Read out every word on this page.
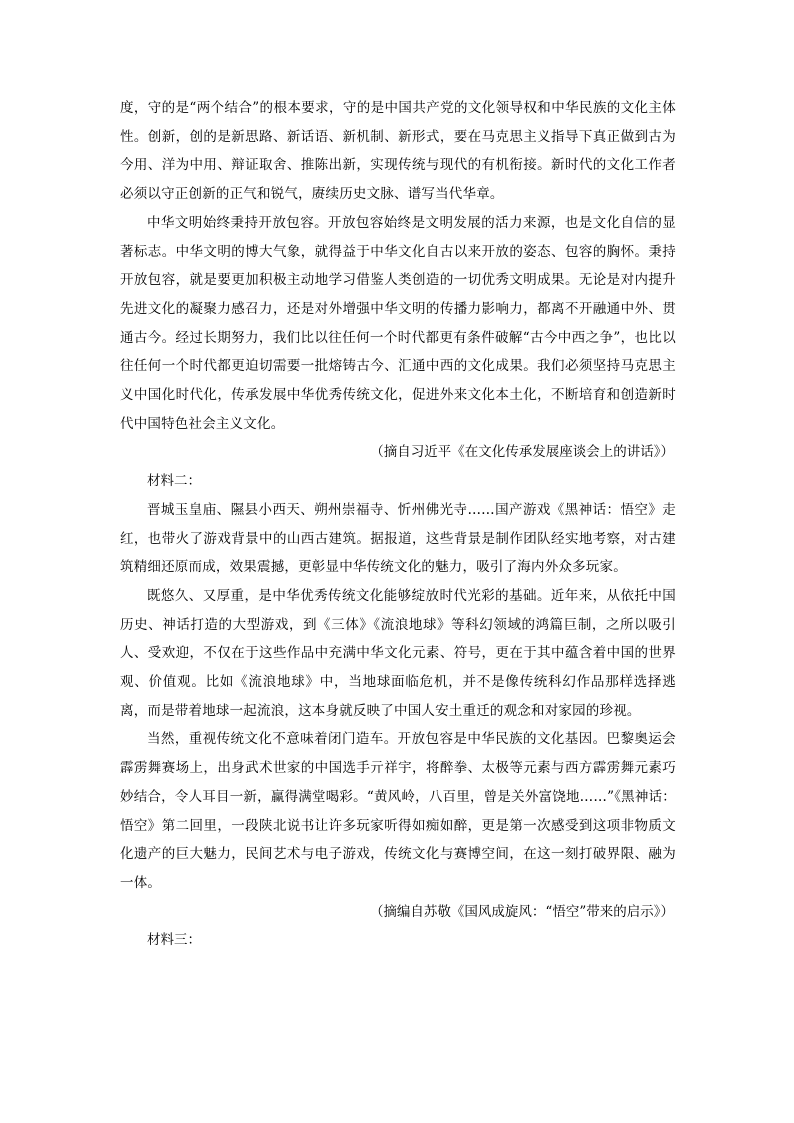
度，守的是“两个结合”的根本要求，守的是中国共产党的文化领导权和中华民族的文化主体性。创新，创的是新思路、新话语、新机制、新形式，要在马克思主义指导下真正做到古为今用、洋为中用、辩证取舍、推陈出新，实现传统与现代的有机衔接。新时代的文化工作者必须以守正创新的正气和锐气，赓续历史文脉、谱写当代华章。

中华文明始终秉持开放包容。开放包容始终是文明发展的活力来源，也是文化自信的显著标志。中华文明的博大气象，就得益于中华文化自古以来开放的姿态、包容的胸怀。秉持开放包容，就是要更加积极主动地学习借鉴人类创造的一切优秀文明成果。无论是对内提升先进文化的凝聚力感召力，还是对外增强中华文明的传播力影响力，都离不开融通中外、贯通古今。经过长期努力，我们比以往任何一个时代都更有条件破解“古今中西之争”，也比以往任何一个时代都更迫切需要一批熔铸古今、汇通中西的文化成果。我们必须坚持马克思主义中国化时代化，传承发展中华优秀传统文化，促进外来文化本土化，不断培育和创造新时代中国特色社会主义文化。

（摘自习近平《在文化传承发展座谈会上的讲话》）

材料二：

晋城玉皇庙、隰县小西天、朔州崇福寺、忻州佛光寺……国产游戏《黑神话：悟空》走红，也带火了游戏背景中的山西古建筑。据报道，这些背景是制作团队经实地考察，对古建筑精细还原而成，效果震撼，更彰显中华传统文化的魅力，吸引了海内外众多玩家。

既悠久、又厚重，是中华优秀传统文化能够绽放时代光彩的基础。近年来，从依托中国历史、神话打造的大型游戏，到《三体》《流浪地球》等科幻领域的鸿篇巨制，之所以吸引人、受欢迎，不仅在于这些作品中充满中华文化元素、符号，更在于其中蕴含着中国的世界观、价值观。比如《流浪地球》中，当地球面临危机，并不是像传统科幻作品那样选择逃离，而是带着地球一起流浪，这本身就反映了中国人安土重迁的观念和对家园的珍视。

当然，重视传统文化不意味着闭门造车。开放包容是中华民族的文化基因。巴黎奥运会霹雳舞赛场上，出身武术世家的中国选手亓祥宇，将醉拳、太极等元素与西方霹雳舞元素巧妙结合，令人耳目一新，赢得满堂喝彩。“黄风岭，八百里，曾是关外富饶地……”《黑神话：悟空》第二回里，一段陕北说书让许多玩家听得如痴如醉，更是第一次感受到这项非物质文化遗产的巨大魅力，民间艺术与电子游戏，传统文化与赛博空间，在这一刻打破界限、融为一体。

（摘编自苏敬《国风成旋风：“悟空”带来的启示》）

材料三：
